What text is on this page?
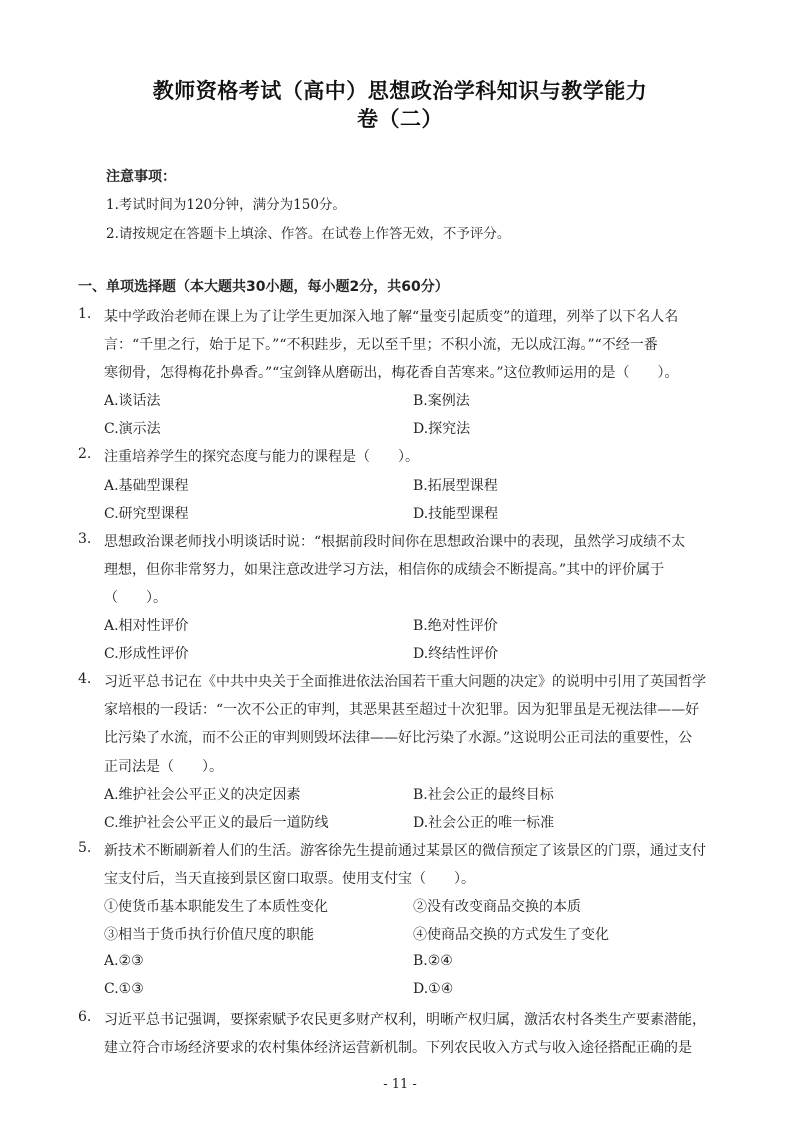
教师资格考试（高中）思想政治学科知识与教学能力
卷（二）
注意事项：
1.考试时间为120分钟，满分为150分。
2.请按规定在答题卡上填涂、作答。在试卷上作答无效，不予评分。
一、单项选择题（本大题共30小题，每小题2分，共60分）
1. 某中学政治老师在课上为了让学生更加深入地了解“量变引起质变”的道理，列举了以下名人名
言：“千里之行，始于足下。”“不积跬步，无以至千里；不积小流，无以成江海。”“不经一番
寒彻骨，怎得梅花扑鼻香。”“宝剑锋从磨砺出，梅花香自苦寒来。”这位教师运用的是（　　）。
A.谈话法	B.案例法
C.演示法	D.探究法
2. 注重培养学生的探究态度与能力的课程是（　　）。
A.基础型课程	B.拓展型课程
C.研究型课程	D.技能型课程
3. 思想政治课老师找小明谈话时说：“根据前段时间你在思想政治课中的表现，虽然学习成绩不太
理想，但你非常努力，如果注意改进学习方法，相信你的成绩会不断提高。”其中的评价属于
（　　）。
A.相对性评价	B.绝对性评价
C.形成性评价	D.终结性评价
4. 习近平总书记在《中共中央关于全面推进依法治国若干重大问题的决定》的说明中引用了英国哲学
家培根的一段话：“一次不公正的审判，其恶果甚至超过十次犯罪。因为犯罪虽是无视法律——好
比污染了水流，而不公正的审判则毁坏法律——好比污染了水源。”这说明公正司法的重要性，公
正司法是（　　）。
A.维护社会公平正义的决定因素	B.社会公正的最终目标
C.维护社会公平正义的最后一道防线	D.社会公正的唯一标准
5. 新技术不断刷新着人们的生活。游客徐先生提前通过某景区的微信预定了该景区的门票，通过支付
宝支付后，当天直接到景区窗口取票。使用支付宝（　　）。
①使货币基本职能发生了本质性变化	②没有改变商品交换的本质
③相当于货币执行价值尺度的职能	④使商品交换的方式发生了变化
A.②③	B.②④
C.①③	D.①④
6. 习近平总书记强调，要探索赋予农民更多财产权利，明晰产权归属，激活农村各类生产要素潜能，
建立符合市场经济要求的农村集体经济运营新机制。下列农民收入方式与收入途径搭配正确的是
- 11 -
